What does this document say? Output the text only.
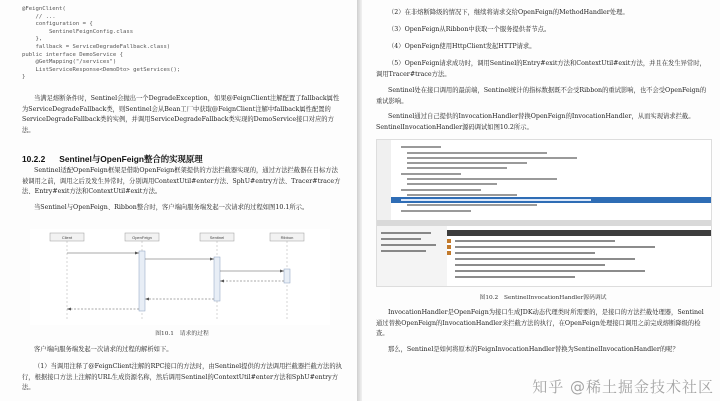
@FeignClient(
// ...
configuration = {
SentinelFeignConfig.class
},
fallback = ServiceDegradeFallback.class)
public interface DemoService {
@GetMapping("/services")
ListServiceResponse<DemoDto> getServices();
}
当满足熔断条件时，Sentinel会抛出一个DegradeException，如果@FeignClient注解配置了fallback属性为ServiceDegradeFallback类，则Sentinel会从Bean工厂中获取@FeignClient注解中fallback属性配置的ServiceDegradeFallback类的实例，并调用ServiceDegradeFallback类实现的DemoService接口对应的方法。
10.2.2 Sentinel与OpenFeign整合的实现原理
Sentinel适配OpenFeign框架是借助OpenFeign框架提供的方法拦截器实现的，通过方法拦截器在目标方法被调用之前，调用之后及发生异常时，分别调用ContextUtil#enter方法、SphU#entry方法、Tracer#trace方法、Entry#exit方法和ContextUtil#exit方法。
当Sentinel与OpenFeign、Ribbon整合时，客户端向服务端发起一次请求的过程如图10.1所示。
Client	OpenFeign	Sentinel	Ribbon
图10.1　请求的过程
客户端向服务端发起一次请求的过程的解析如下。
（1）当调用注释了@FeignClient注解的RPC接口的方法时，由Sentinel提供的方法调用拦截器拦截方法的执行，根据接口方法上注解的URL生成资源名称，然后调用Sentinel的ContextUtil#enter方法和SphU#entry方法。
（2）在非熔断降级的情况下，继续将请求交给OpenFeign的MethodHandler处理。
（3）OpenFeign从Ribbon中获取一个服务提供者节点。
（4）OpenFeign使用HttpClient发起HTTP请求。
（5）OpenFeign请求成功时，调用Sentinel的Entry#exit方法和ContextUtil#exit方法，并且在发生异常时，调用Tracer#trace方法。
Sentinel处在接口调用的最前端，Sentinel统计的指标数据既不会受Ribbon的重试影响，也不会受OpenFeign的重试影响。
Sentinel通过自己提供的InvocationHandler替换OpenFeign的InvocationHandler，从而实现请求拦截。SentinelInvocationHandler源码调试如图10.2所示。
图10.2　SentinelInvocationHandler源码调试
InvocationHandler是OpenFeign为接口生成JDK动态代理类时所需要的，是接口的方法拦截处理器，Sentinel通过替换OpenFeign的InvocationHandler来拦截方法的执行，在OpenFeign处理接口调用之前完成熔断降级的检查。
那么，Sentinel是如何将原本的FeignInvocationHandler替换为SentinelInvocationHandler的呢？
知乎 @稀土掘金技术社区
